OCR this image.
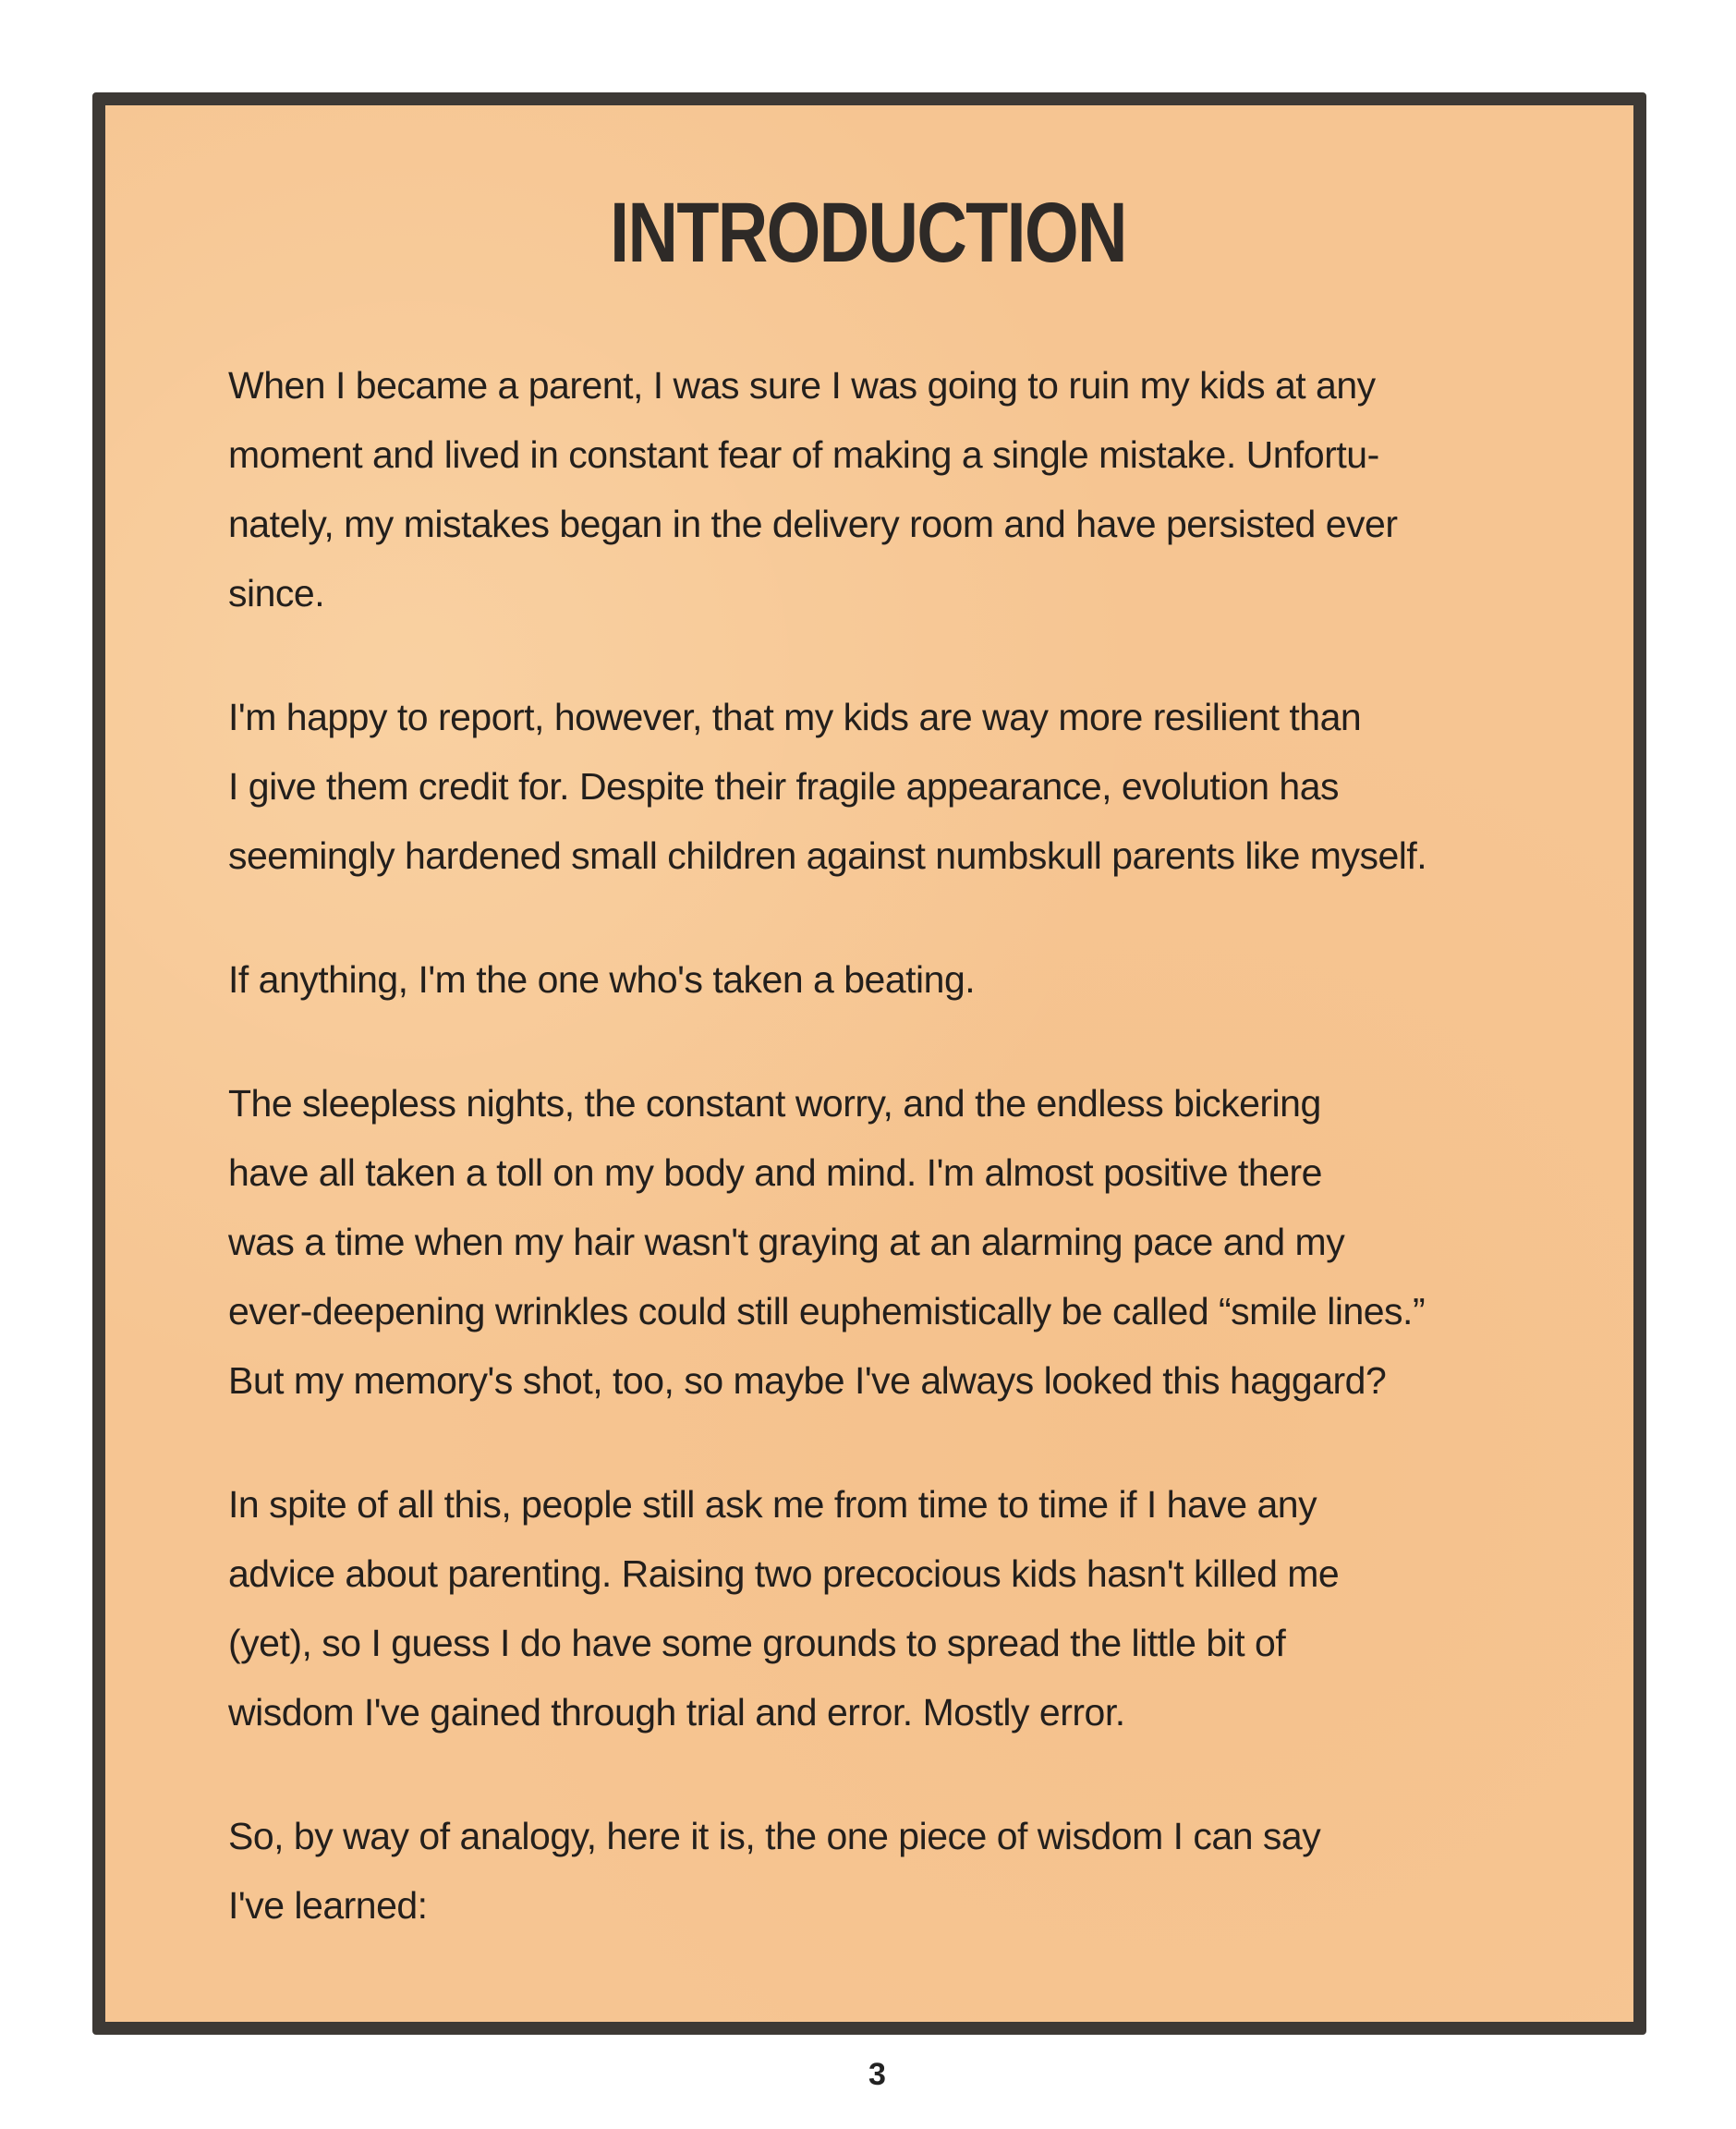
INTRODUCTION
When I became a parent, I was sure I was going to ruin my kids at any
moment and lived in constant fear of making a single mistake. Unfortu-
nately, my mistakes began in the delivery room and have persisted ever
since.
I'm happy to report, however, that my kids are way more resilient than
I give them credit for. Despite their fragile appearance, evolution has
seemingly hardened small children against numbskull parents like myself.
If anything, I'm the one who's taken a beating.
The sleepless nights, the constant worry, and the endless bickering
have all taken a toll on my body and mind. I'm almost positive there
was a time when my hair wasn't graying at an alarming pace and my
ever-deepening wrinkles could still euphemistically be called “smile lines.”
But my memory's shot, too, so maybe I've always looked this haggard?
In spite of all this, people still ask me from time to time if I have any
advice about parenting. Raising two precocious kids hasn't killed me
(yet), so I guess I do have some grounds to spread the little bit of
wisdom I've gained through trial and error. Mostly error.
So, by way of analogy, here it is, the one piece of wisdom I can say
I've learned:
3
